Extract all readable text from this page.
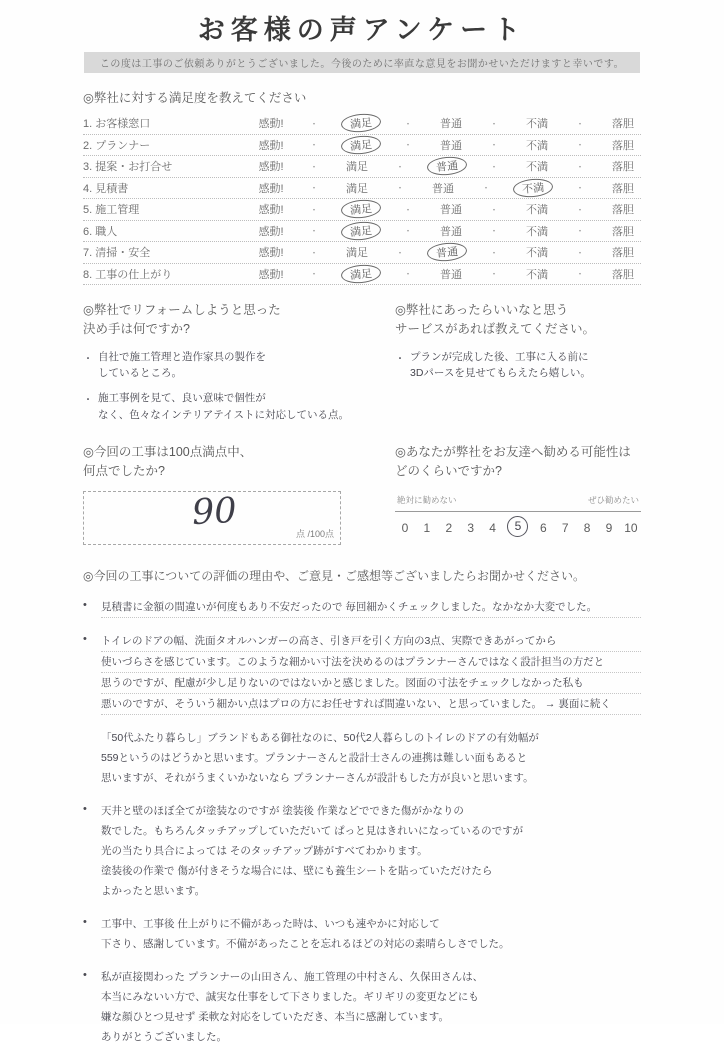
お客様の声アンケート
この度は工事のご依頼ありがとうございました。今後のために率直な意見をお聞かせいただけますと幸いです。
◎弊社に対する満足度を教えてください
1. お客様窓口	感動!	・	満足	・	普通	・	不満	・	落胆
2. プランナー	感動!	・	満足	・	普通	・	不満	・	落胆
3. 提案・お打合せ	感動!	・	満足	・	普通	・	不満	・	落胆
4. 見積書	感動!	・	満足	・	普通	・	不満	・	落胆
5. 施工管理	感動!	・	満足	・	普通	・	不満	・	落胆
6. 職人	感動!	・	満足	・	普通	・	不満	・	落胆
7. 清掃・安全	感動!	・	満足	・	普通	・	不満	・	落胆
8. 工事の仕上がり	感動!	・	満足	・	普通	・	不満	・	落胆
◎弊社でリフォームしようと思った
決め手は何ですか?
・ 自社で施工管理と造作家具の製作を
しているところ。
・ 施工事例を見て、良い意味で個性が
なく、色々なインテリアテイストに対応している点。
◎弊社にあったらいいなと思う
サービスがあれば教えてください。
・ プランが完成した後、工事に入る前に
3Dパースを見せてもらえたら嬉しい。
◎今回の工事は100点満点中、
何点でしたか?
90
点 /100点
◎あなたが弊社をお友達へ勧める可能性は
どのくらいですか?
絶対に勧めない	ぜひ勧めたい
0	1	2	3	4	5	6	7	8	9 10
◎今回の工事についての評価の理由や、ご意見・ご感想等ございましたらお聞かせください。
•	見積書に金額の間違いが何度もあり不安だったので 毎回細かくチェックしました。なかなか大変でした。
•	トイレのドアの幅、洗面タオルハンガーの高さ、引き戸を引く方向の3点、実際できあがってから
使いづらさを感じています。このような細かい寸法を決めるのはプランナーさんではなく設計担当の方だと
思うのですが、配慮が少し足りないのではないかと感じました。図面の寸法をチェックしなかった私も
悪いのですが、そういう細かい点はプロの方にお任せすれば間違いない、と思っていました。 → 裏面に続く
「50代ふたり暮らし」ブランドもある御社なのに、50代2人暮らしのトイレのドアの有効幅が
559というのはどうかと思います。プランナーさんと設計士さんの連携は難しい面もあると
思いますが、それがうまくいかないなら プランナーさんが設計もした方が良いと思います。
•	天井と壁のほぼ全てが塗装なのですが 塗装後 作業などでできた傷がかなりの
数でした。もちろんタッチアップしていただいて ぱっと見はきれいになっているのですが
光の当たり具合によっては そのタッチアップ跡がすべてわかります。
塗装後の作業で 傷が付きそうな場合には、壁にも養生シートを貼っていただけたら
よかったと思います。
•	工事中、工事後 仕上がりに不備があった時は、いつも速やかに対応して
下さり、感謝しています。不備があったことを忘れるほどの対応の素晴らしさでした。
•	私が直接関わった プランナーの山田さん、施工管理の中村さん、久保田さんは、
本当にみないい方で、誠実な仕事をして下さりました。ギリギリの変更などにも
嫌な顔ひとつ見せず 柔軟な対応をしていただき、本当に感謝しています。
ありがとうございました。
